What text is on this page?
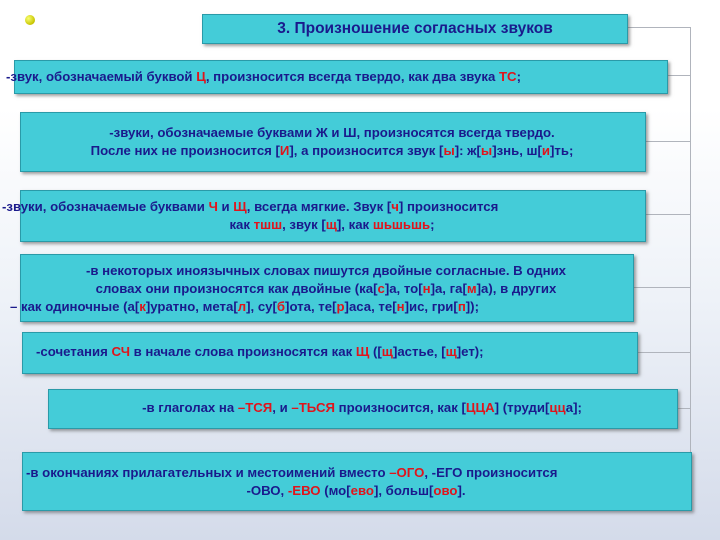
3. Произношение согласных звуков
-звук, обозначаемый буквой Ц, произносится всегда твердо, как два звука ТС;
-звуки, обозначаемые буквами Ж и Ш, произносятся всегда твердо.
После них не произносится [И], а произносится звук [ы]: ж[ы]знь, ш[и]ть;
-звуки, обозначаемые буквами Ч и Щ, всегда мягкие. Звук [ч] произносится
как тшш, звук [щ], как шьшьшь;
-в некоторых иноязычных словах пишутся двойные согласные. В одних
словах они произносятся как двойные (ка[с]а, то[н]а, га[м]а), в других
– как одиночные (а[к]уратно, мета[л], су[б]ота, те[р]аса, те[н]ис, гри[п]);
-сочетания СЧ в начале слова произносятся как Щ ([щ]астье, [щ]ет);
-в глаголах на –ТСЯ, и –ТЬСЯ произносится, как [ЦЦА] (труди[цца];
-в окончаниях прилагательных и местоимений вместо –ОГО, -ЕГО произносится
-ОВО, -ЕВО (мо[ево], больш[ово].
